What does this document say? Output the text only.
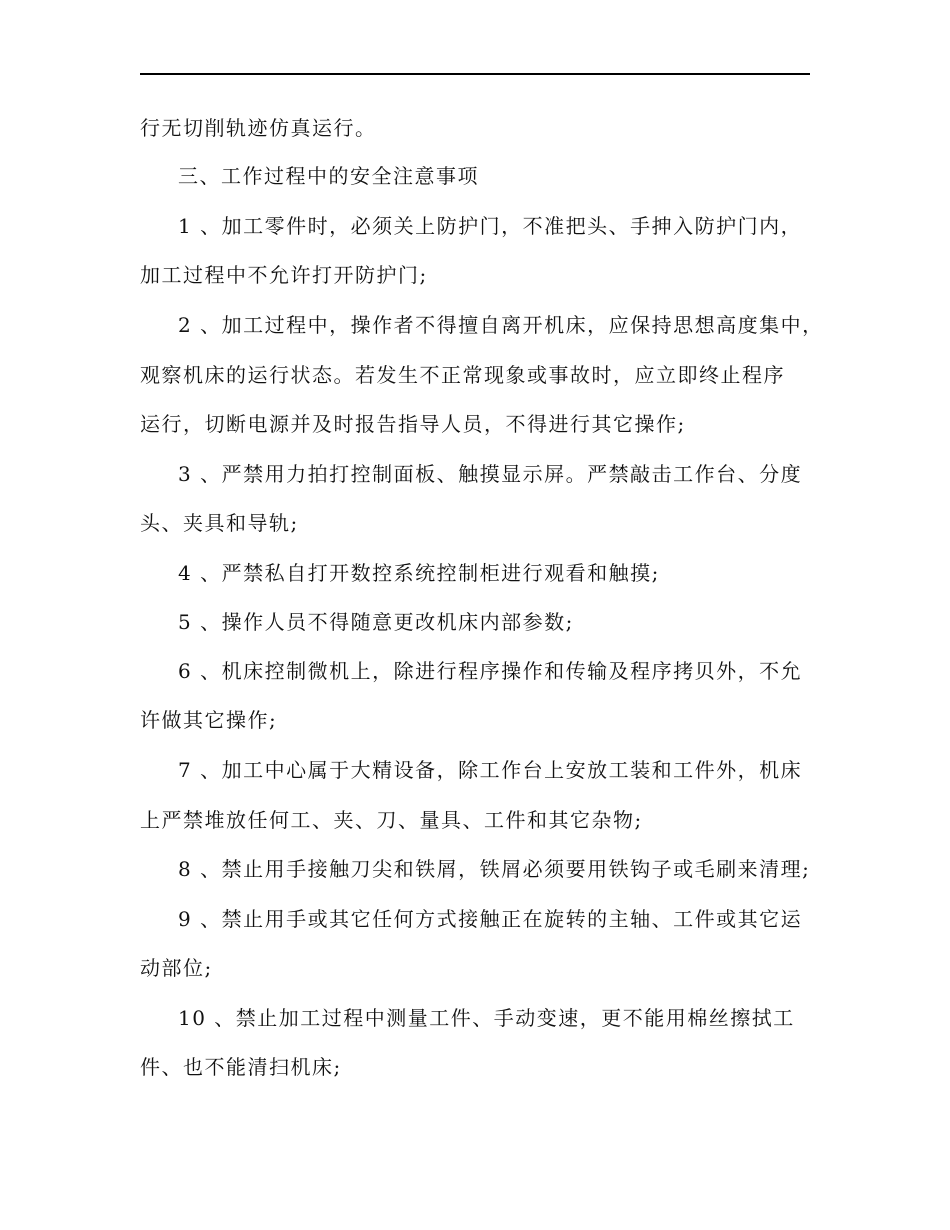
行无切削轨迹仿真运行。
三、工作过程中的安全注意事项
1 、加工零件时，必须关上防护门，不准把头、手抻入防护门内，
加工过程中不允许打开防护门;
2 、加工过程中，操作者不得擅自离开机床，应保持思想高度集中，
观察机床的运行状态。若发生不正常现象或事故时，应立即终止程序
运行，切断电源并及时报告指导人员，不得进行其它操作;
3 、严禁用力拍打控制面板、触摸显示屏。严禁敲击工作台、分度
头、夹具和导轨;
4 、严禁私自打开数控系统控制柜进行观看和触摸;
5 、操作人员不得随意更改机床内部参数;
6 、机床控制微机上，除进行程序操作和传输及程序拷贝外，不允
许做其它操作;
7 、加工中心属于大精设备，除工作台上安放工装和工件外，机床
上严禁堆放任何工、夹、刀、量具、工件和其它杂物;
8 、禁止用手接触刀尖和铁屑，铁屑必须要用铁钩子或毛刷来清理;
9 、禁止用手或其它任何方式接触正在旋转的主轴、工件或其它运
动部位;
10 、禁止加工过程中测量工件、手动变速，更不能用棉丝擦拭工
件、也不能清扫机床;
